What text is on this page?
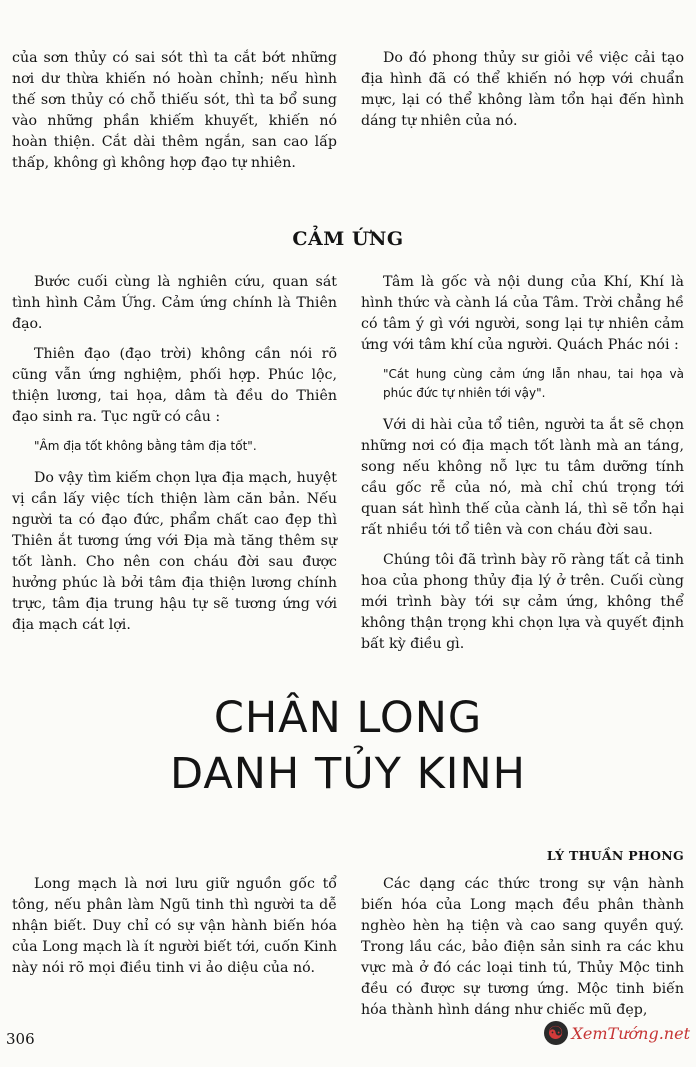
của sơn thủy có sai sót thì ta cắt bớt những nơi dư thừa khiến nó hoàn chỉnh; nếu hình thế sơn thủy có chỗ thiếu sót, thì ta bổ sung vào những phần khiếm khuyết, khiến nó hoàn thiện. Cắt dài thêm ngắn, san cao lấp thấp, không gì không hợp đạo tự nhiên.

Do đó phong thủy sư giỏi về việc cải tạo địa hình đã có thể khiến nó hợp với chuẩn mực, lại có thể không làm tổn hại đến hình dáng tự nhiên của nó.

CẢM ỨNG

Bước cuối cùng là nghiên cứu, quan sát tình hình Cảm Ứng. Cảm ứng chính là Thiên đạo.

Thiên đạo (đạo trời) không cần nói rõ cũng vẫn ứng nghiệm, phối hợp. Phúc lộc, thiện lương, tai họa, dâm tà đều do Thiên đạo sinh ra. Tục ngữ có câu :

"Âm địa tốt không bằng tâm địa tốt".

Do vậy tìm kiếm chọn lựa địa mạch, huyệt vị cần lấy việc tích thiện làm căn bản. Nếu người ta có đạo đức, phẩm chất cao đẹp thì Thiên ắt tương ứng với Địa mà tăng thêm sự tốt lành. Cho nên con cháu đời sau được hưởng phúc là bởi tâm địa thiện lương chính trực, tâm địa trung hậu tự sẽ tương ứng với địa mạch cát lợi.

Tâm là gốc và nội dung của Khí, Khí là hình thức và cành lá của Tâm. Trời chẳng hề có tâm ý gì với người, song lại tự nhiên cảm ứng với tâm khí của người. Quách Phác nói :

"Cát hung cùng cảm ứng lẫn nhau, tai họa và phúc đức tự nhiên tới vậy".

Với di hài của tổ tiên, người ta ắt sẽ chọn những nơi có địa mạch tốt lành mà an táng, song nếu không nỗ lực tu tâm dưỡng tính cầu gốc rễ của nó, mà chỉ chú trọng tới quan sát hình thế của cành lá, thì sẽ tổn hại rất nhiều tới tổ tiên và con cháu đời sau.

Chúng tôi đã trình bày rõ ràng tất cả tinh hoa của phong thủy địa lý ở trên. Cuối cùng mới trình bày tới sự cảm ứng, không thể không thận trọng khi chọn lựa và quyết định bất kỳ điều gì.

CHÂN LONG
DANH TỦY KINH
LÝ THUẦN PHONG

Long mạch là nơi lưu giữ nguồn gốc tổ tông, nếu phân làm Ngũ tinh thì người ta dễ nhận biết. Duy chỉ có sự vận hành biến hóa của Long mạch là ít người biết tới, cuốn Kinh này nói rõ mọi điều tinh vi ảo diệu của nó.

Các dạng các thức trong sự vận hành biến hóa của Long mạch đều phân thành nghèo hèn hạ tiện và cao sang quyền quý. Trong lầu các, bảo điện sản sinh ra các khu vực mà ở đó các loại tinh tú, Thủy Mộc tinh đều có được sự tương ứng. Mộc tinh biến hóa thành hình dáng như chiếc mũ đẹp,

306	☯ XemTướng.net
